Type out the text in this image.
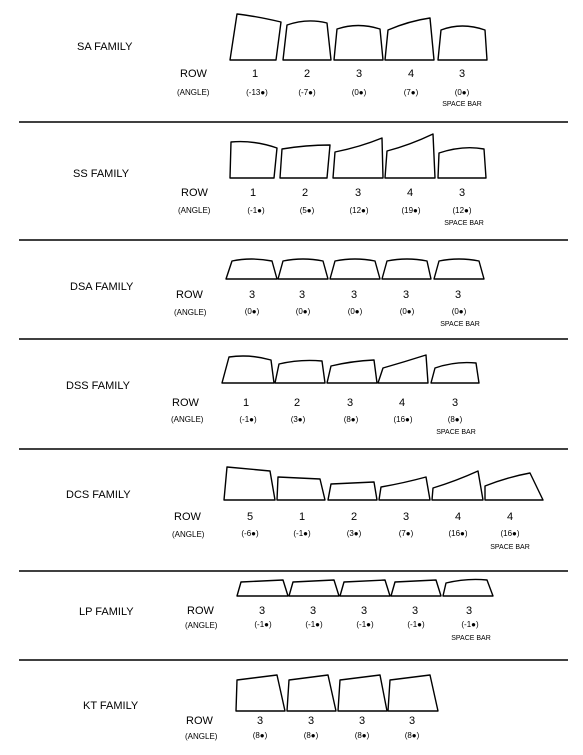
SA FAMILY
ROW
(ANGLE)
1	2	3	4	3
(-13●)	(-7●)	(0●)	(7●)	(0●)
SPACE BAR
SS FAMILY
ROW
(ANGLE)
1	2	3	4	3
(-1●)	(5●)	(12●)	(19●)	(12●)
SPACE BAR
DSA FAMILY
ROW
(ANGLE)
3	3	3	3	3
(0●)	(0●)	(0●)	(0●)	(0●)
SPACE BAR
DSS FAMILY
ROW
(ANGLE)
1	2	3	4	3
(-1●)	(3●)	(8●)	(16●)	(8●)
SPACE BAR
DCS FAMILY
ROW
(ANGLE)
5	1	2	3	4	4
(-6●)	(-1●)	(3●)	(7●)	(16●)	(16●)
SPACE BAR
LP FAMILY	ROW
(ANGLE)
3	3	3	3	3
(-1●)	(-1●)	(-1●)	(-1●)	(-1●)
SPACE BAR
KT FAMILY
ROW
(ANGLE)
3	3	3	3
(8●)	(8●)	(8●)	(8●)
